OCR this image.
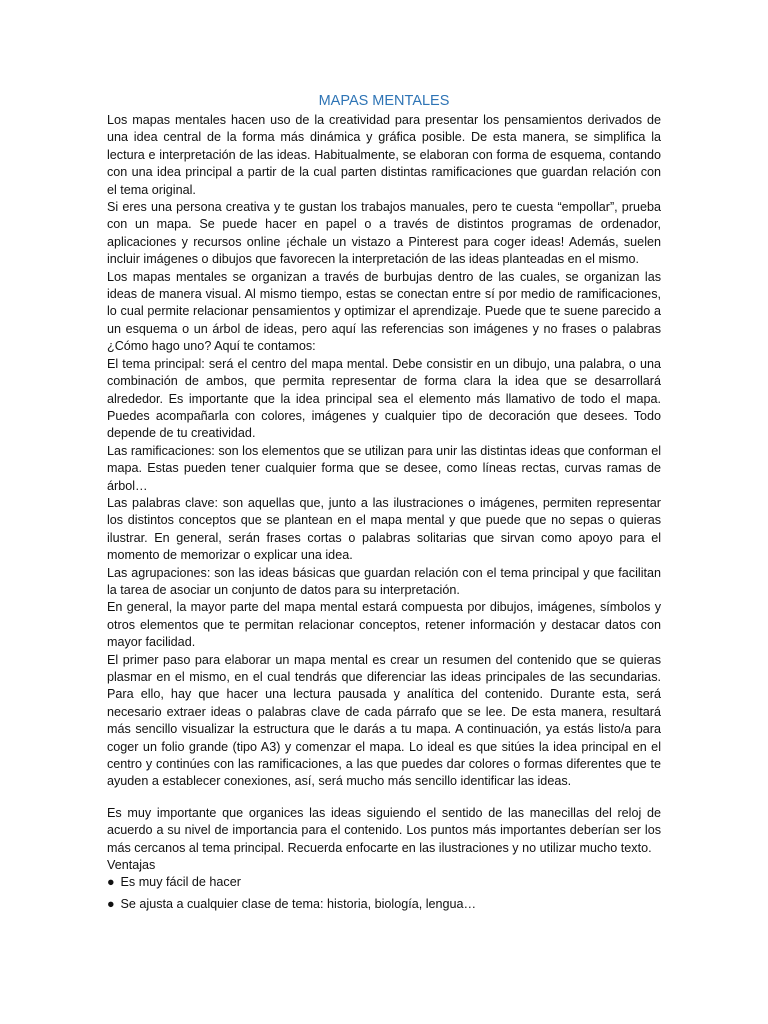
MAPAS MENTALES

Los mapas mentales hacen uso de la creatividad para presentar los pensamientos derivados de una idea central de la forma más dinámica y gráfica posible. De esta manera, se simplifica la lectura e interpretación de las ideas. Habitualmente, se elaboran con forma de esquema, contando con una idea principal a partir de la cual parten distintas ramificaciones que guardan relación con el tema original.

Si eres una persona creativa y te gustan los trabajos manuales, pero te cuesta “empollar”, prueba con un mapa. Se puede hacer en papel o a través de distintos programas de ordenador, aplicaciones y recursos online ¡échale un vistazo a Pinterest para coger ideas! Además, suelen incluir imágenes o dibujos que favorecen la interpretación de las ideas planteadas en el mismo.

Los mapas mentales se organizan a través de burbujas dentro de las cuales, se organizan las ideas de manera visual. Al mismo tiempo, estas se conectan entre sí por medio de ramificaciones, lo cual permite relacionar pensamientos y optimizar el aprendizaje. Puede que te suene parecido a un esquema o un árbol de ideas, pero aquí las referencias son imágenes y no frases o palabras ¿Cómo hago uno? Aquí te contamos:

El tema principal: será el centro del mapa mental. Debe consistir en un dibujo, una palabra, o una combinación de ambos, que permita representar de forma clara la idea que se desarrollará alrededor. Es importante que la idea principal sea el elemento más llamativo de todo el mapa. Puedes acompañarla con colores, imágenes y cualquier tipo de decoración que desees. Todo depende de tu creatividad.

Las ramificaciones: son los elementos que se utilizan para unir las distintas ideas que conforman el mapa. Estas pueden tener cualquier forma que se desee, como líneas rectas, curvas ramas de árbol…

Las palabras clave: son aquellas que, junto a las ilustraciones o imágenes, permiten representar los distintos conceptos que se plantean en el mapa mental y que puede que no sepas o quieras ilustrar. En general, serán frases cortas o palabras solitarias que sirvan como apoyo para el momento de memorizar o explicar una idea.

Las agrupaciones: son las ideas básicas que guardan relación con el tema principal y que facilitan la tarea de asociar un conjunto de datos para su interpretación.

En general, la mayor parte del mapa mental estará compuesta por dibujos, imágenes, símbolos y otros elementos que te permitan relacionar conceptos, retener información y destacar datos con mayor facilidad.

El primer paso para elaborar un mapa mental es crear un resumen del contenido que se quieras plasmar en el mismo, en el cual tendrás que diferenciar las ideas principales de las secundarias. Para ello, hay que hacer una lectura pausada y analítica del contenido. Durante esta, será necesario extraer ideas o palabras clave de cada párrafo que se lee. De esta manera, resultará más sencillo visualizar la estructura que le darás a tu mapa. A continuación, ya estás listo/a para coger un folio grande (tipo A3) y comenzar el mapa. Lo ideal es que sitúes la idea principal en el centro y continúes con las ramificaciones, a las que puedes dar colores o formas diferentes que te ayuden a establecer conexiones, así, será mucho más sencillo identificar las ideas.

Es muy importante que organices las ideas siguiendo el sentido de las manecillas del reloj de acuerdo a su nivel de importancia para el contenido. Los puntos más importantes deberían ser los más cercanos al tema principal. Recuerda enfocarte en las ilustraciones y no utilizar mucho texto.

Ventajas

● Es muy fácil de hacer
● Se ajusta a cualquier clase de tema: historia, biología, lengua…
